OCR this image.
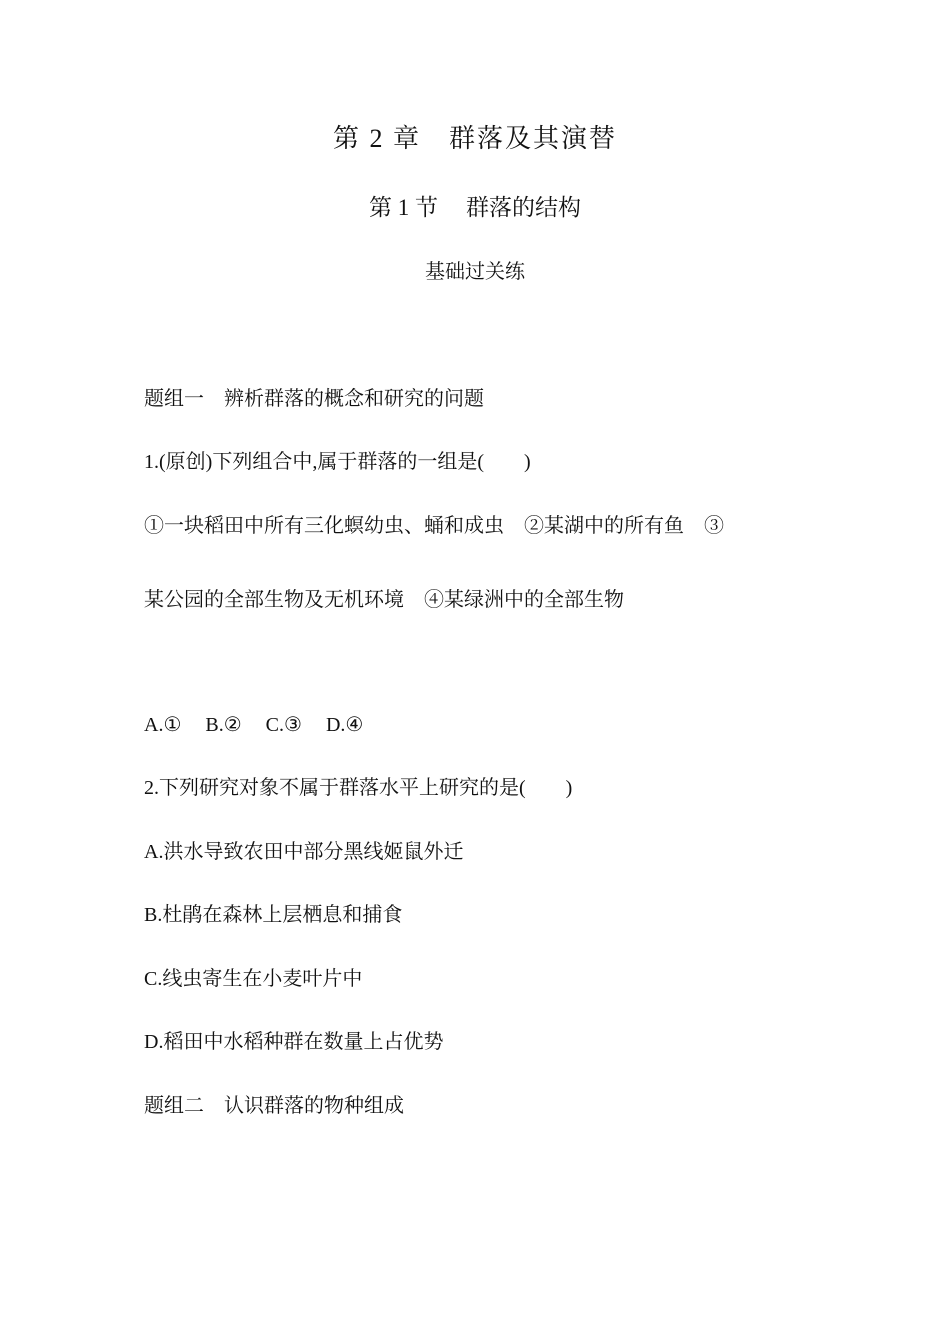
第 2 章 群落及其演替
第 1 节 群落的结构
基础过关练
题组一 辨析群落的概念和研究的问题
1.(原创)下列组合中,属于群落的一组是(　　)
①一块稻田中所有三化螟幼虫、蛹和成虫　②某湖中的所有鱼　③
某公园的全部生物及无机环境　④某绿洲中的全部生物
A.① B.② C.③ D.④
2.下列研究对象不属于群落水平上研究的是(　　)
A.洪水导致农田中部分黑线姬鼠外迁
B.杜鹃在森林上层栖息和捕食
C.线虫寄生在小麦叶片中
D.稻田中水稻种群在数量上占优势
题组二 认识群落的物种组成
